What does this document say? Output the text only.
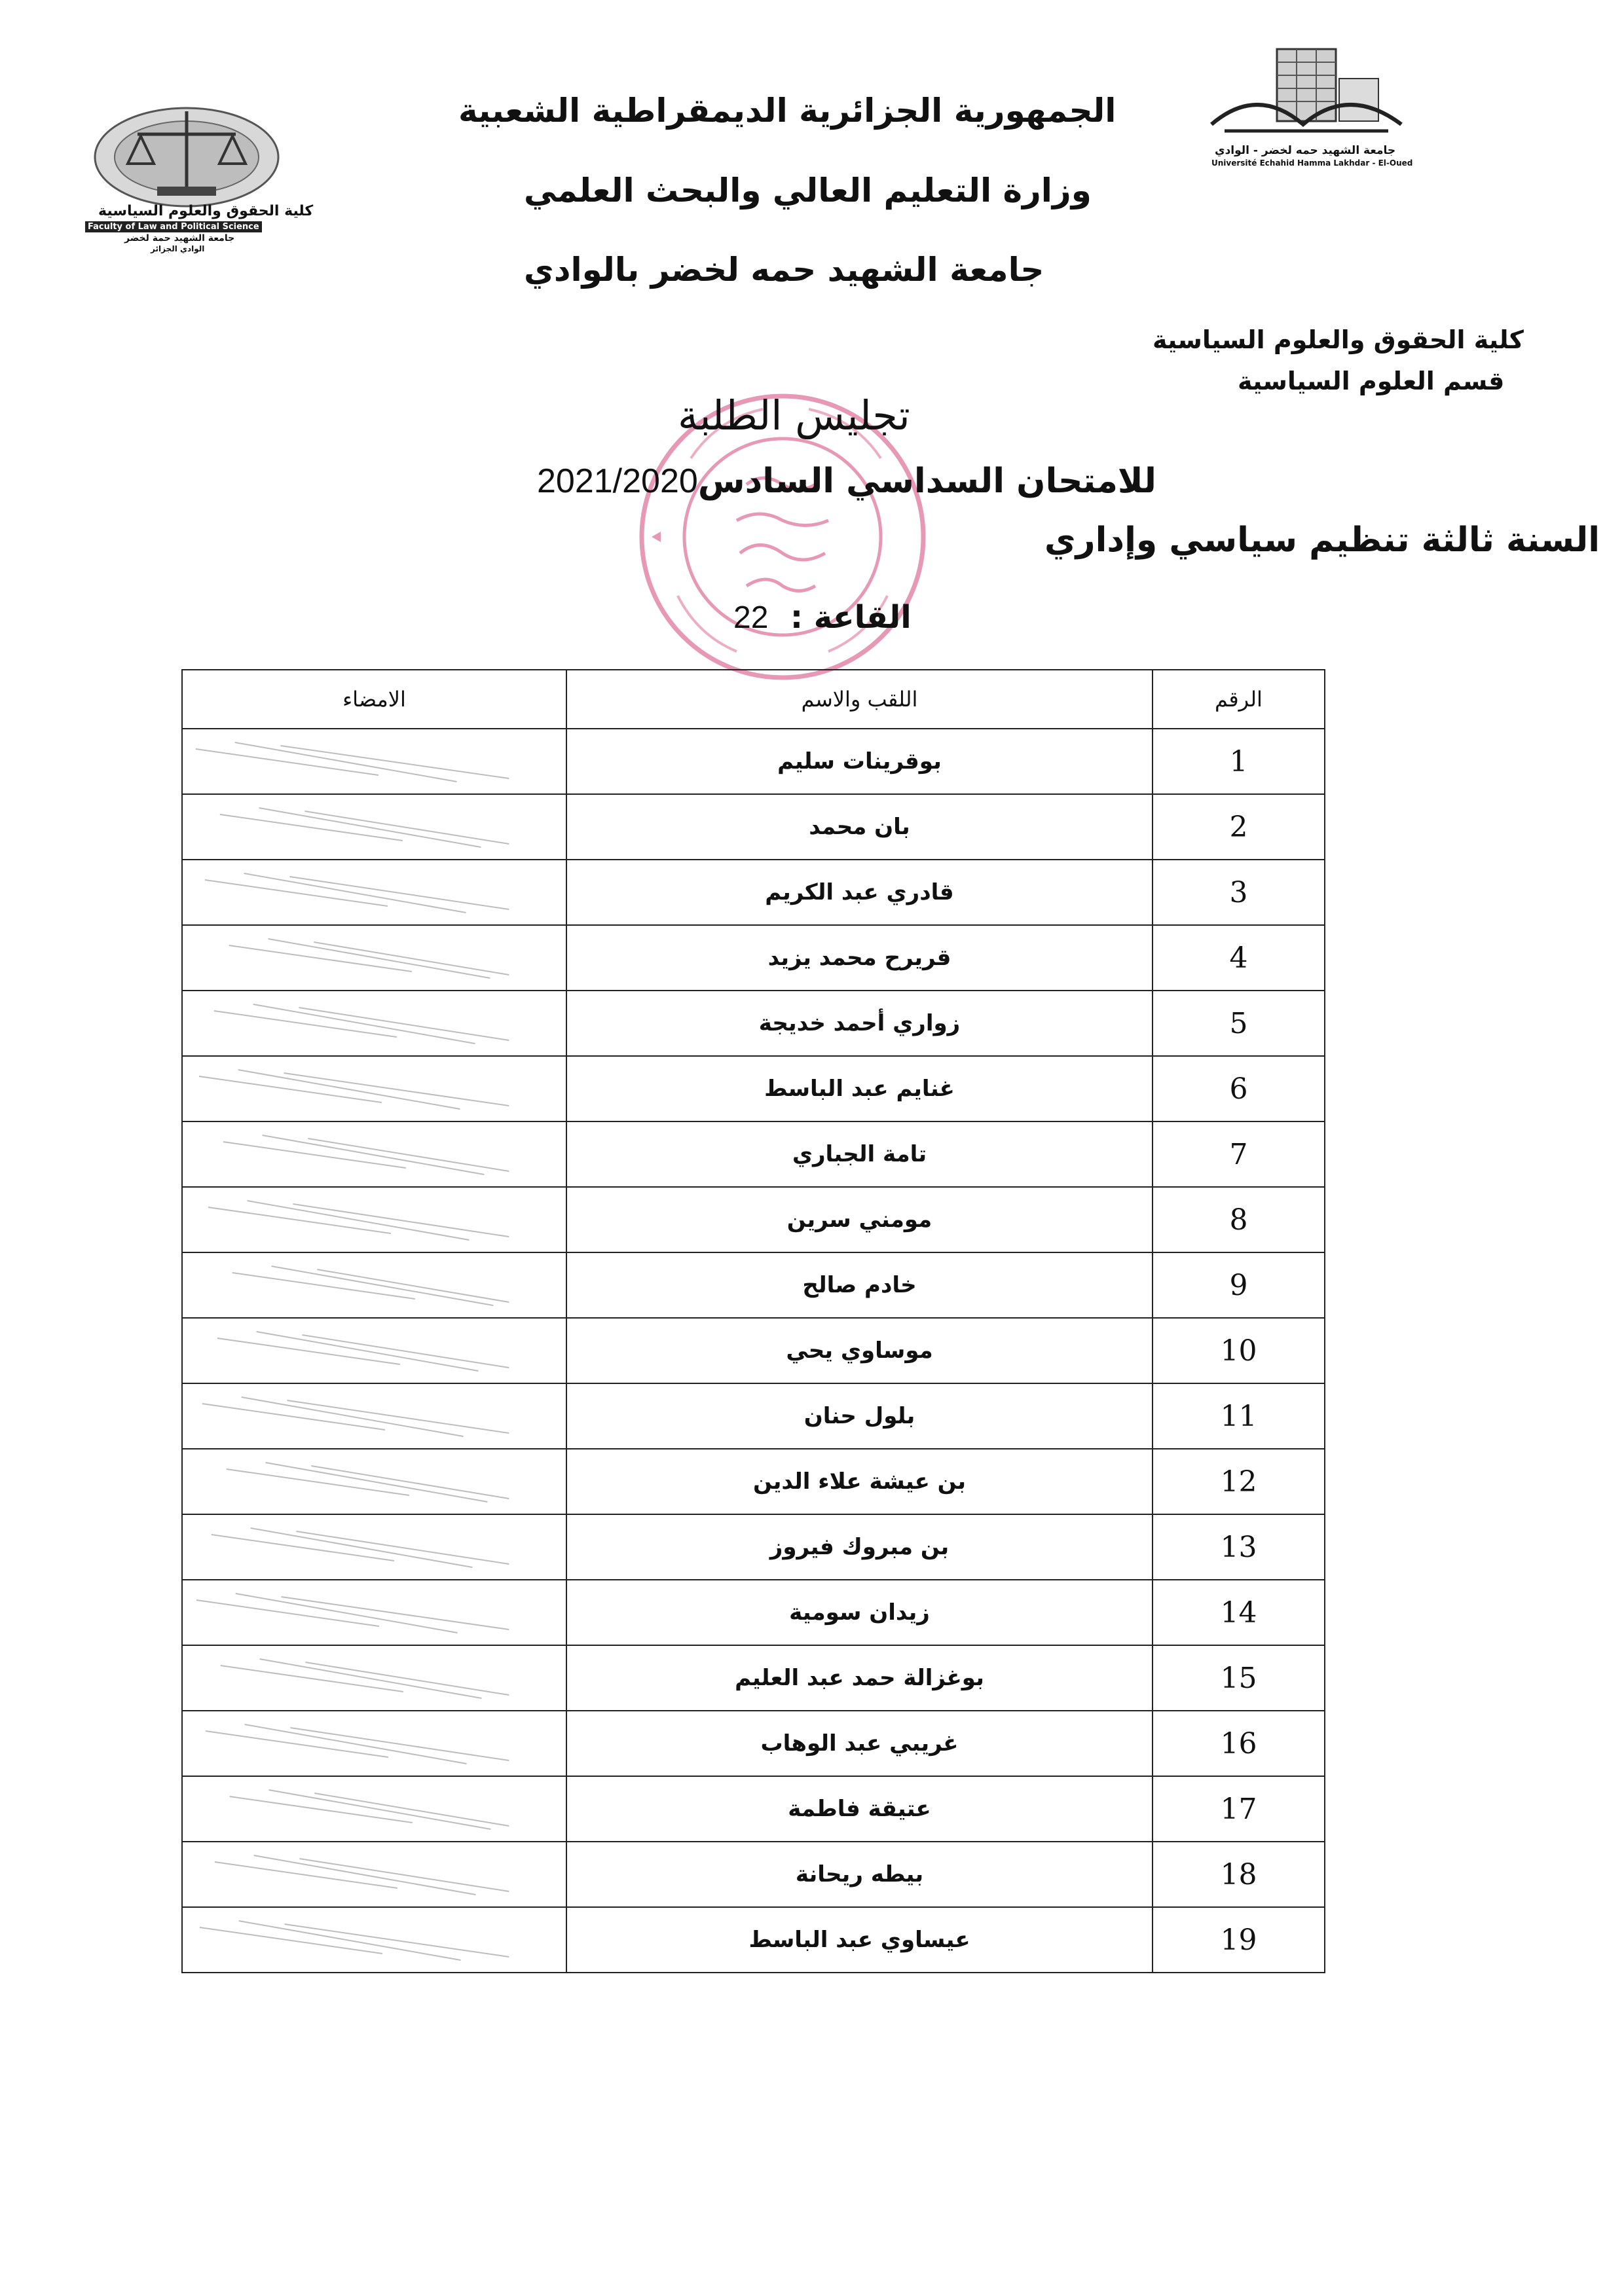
كلية الحقوق والعلوم السياسية
Faculty of Law and Political Science
جامعة الشهيد حمة لخضر
الوادي الجزائر
جامعة الشهيد حمه لخضر - الوادي
Université Echahid Hamma Lakhdar - El-Oued
الجمهورية الجزائرية الديمقراطية الشعبية
وزارة التعليم العالي والبحث العلمي
جامعة الشهيد حمه لخضر بالوادي
كلية الحقوق والعلوم السياسية
قسم العلوم السياسية
تجليس الطلبة
للامتحان السداسي السادس2021/2020
السنة ثالثة تنظيم سياسي وإداري
القاعة :  22
الامضاء	اللقب والاسم	الرقم

	بوقرينات سليم	1

	بان محمد	2

	قادري عبد الكريم	3

	قريرح محمد يزيد	4

	زواري أحمد خديجة	5

	غنايم عبد الباسط	6

	تامة الجباري	7

	مومني سرين	8

	خادم صالح	9

	موساوي يحي	10

	بلول حنان	11

	بن عيشة علاء الدين	12

	بن مبروك فيروز	13

	زيدان سومية	14

	بوغزالة حمد عبد العليم	15

	غريبي عبد الوهاب	16

	عتيقة فاطمة	17

	بيطه ريحانة	18

	عيساوي عبد الباسط	19
